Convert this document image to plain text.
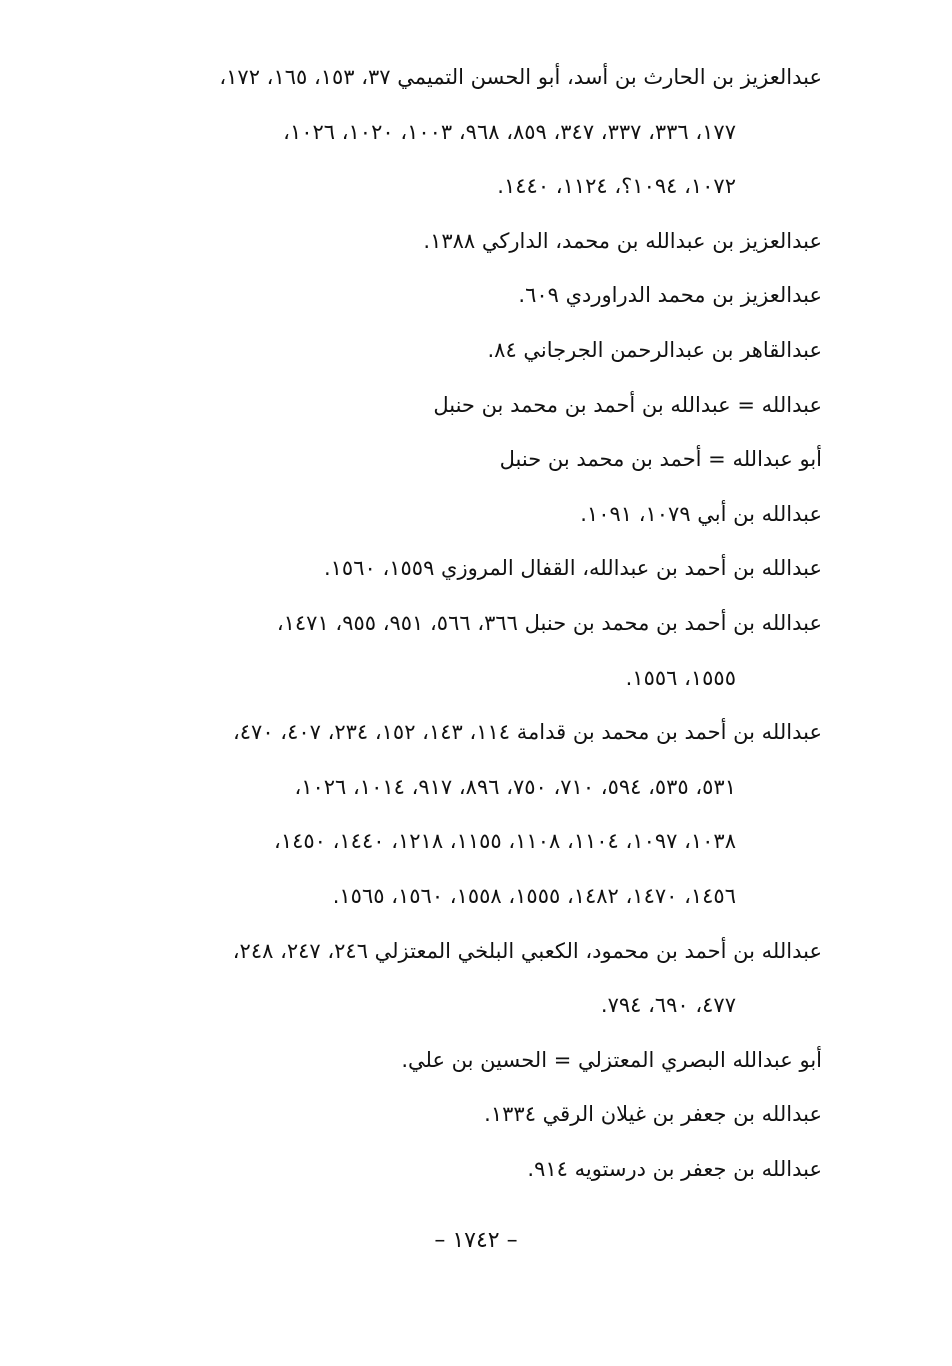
عبدالعزيز بن الحارث بن أسد، أبو الحسن التميمي ٣٧، ١٥٣، ١٦٥، ١٧٢،
١٧٧، ٣٣٦، ٣٣٧، ٣٤٧، ٨٥٩، ٩٦٨، ١٠٠٣، ١٠٢٠، ١٠٢٦،
١٠٧٢، ١٠٩٤؟، ١١٢٤، ١٤٤٠.
عبدالعزيز بن عبدالله بن محمد، الداركي ١٣٨٨.
عبدالعزيز بن محمد الدراوردي ٦٠٩.
عبدالقاهر بن عبدالرحمن الجرجاني ٨٤.
عبدالله = عبدالله بن أحمد بن محمد بن حنبل
أبو عبدالله = أحمد بن محمد بن حنبل
عبدالله بن أبي ١٠٧٩، ١٠٩١.
عبدالله بن أحمد بن عبدالله، القفال المروزي ١٥٥٩، ١٥٦٠.
عبدالله بن أحمد بن محمد بن حنبل ٣٦٦، ٥٦٦، ٩٥١، ٩٥٥، ١٤٧١،
١٥٥٥، ١٥٥٦.
عبدالله بن أحمد بن محمد بن قدامة ١١٤، ١٤٣، ١٥٢، ٢٣٤، ٤٠٧، ٤٧٠،
٥٣١، ٥٣٥، ٥٩٤، ٧١٠، ٧٥٠، ٨٩٦، ٩١٧، ١٠١٤، ١٠٢٦،
١٠٣٨، ١٠٩٧، ١١٠٤، ١١٠٨، ١١٥٥، ١٢١٨، ١٤٤٠، ١٤٥٠،
١٤٥٦، ١٤٧٠، ١٤٨٢، ١٥٥٥، ١٥٥٨، ١٥٦٠، ١٥٦٥.
عبدالله بن أحمد بن محمود، الكعبي البلخي المعتزلي ٢٤٦، ٢٤٧، ٢٤٨،
٤٧٧، ٦٩٠، ٧٩٤.
أبو عبدالله البصري المعتزلي = الحسين بن علي.
عبدالله بن جعفر بن غيلان الرقي ١٣٣٤.
عبدالله بن جعفر بن درستويه ٩١٤.
– ١٧٤٢ –
